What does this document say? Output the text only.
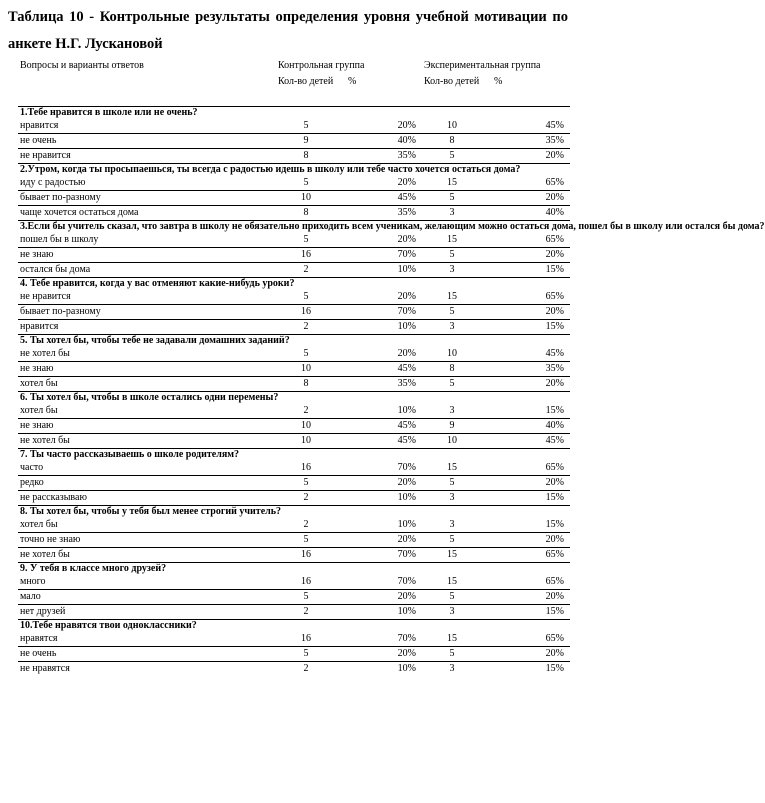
Таблица 10 - Контрольные результаты определения уровня учебной мотивации по анкете Н.Г. Лускановой
Вопросы и варианты ответов	Контрольная группа		Экспериментальная группа	
	Кол-во детей	%	Кол-во детей	%
1.Тебе нравится в школе или не очень?				
нравится	5	20%	10	45%
не очень	9	40%	8	35%
не нравится	8	35%	5	20%
2.Утром, когда ты просыпаешься, ты всегда с радостью идешь в школу или тебе часто хочется остаться дома?				
иду с радостью	5	20%	15	65%
бывает по-разному	10	45%	5	20%
чаще хочется остаться дома	8	35%	3	40%
3.Если бы учитель сказал, что завтра в школу не обязательно приходить всем ученикам, желающим можно остаться дома, пошел бы в школу или остался бы дома?				
пошел бы в школу	5	20%	15	65%
не знаю	16	70%	5	20%
остался бы дома	2	10%	3	15%
4. Тебе нравится, когда у вас отменяют какие-нибудь уроки?				
не нравится	5	20%	15	65%
бывает по-разному	16	70%	5	20%
нравится	2	10%	3	15%
5. Ты хотел бы, чтобы тебе не задавали домашних заданий?				
не хотел бы	5	20%	10	45%
не знаю	10	45%	8	35%
хотел бы	8	35%	5	20%
6. Ты хотел бы, чтобы в школе остались одни перемены?				
хотел бы	2	10%	3	15%
не знаю	10	45%	9	40%
не хотел бы	10	45%	10	45%
7. Ты часто рассказываешь о школе родителям?				
часто	16	70%	15	65%
редко	5	20%	5	20%
не рассказываю	2	10%	3	15%
8. Ты хотел бы, чтобы у тебя был менее строгий учитель?				
хотел бы	2	10%	3	15%
точно не знаю	5	20%	5	20%
не хотел бы	16	70%	15	65%
9. У тебя в классе много друзей?				
много	16	70%	15	65%
мало	5	20%	5	20%
нет друзей	2	10%	3	15%
10.Тебе нравятся твои одноклассники?				
нравятся	16	70%	15	65%
не очень	5	20%	5	20%
не нравятся	2	10%	3	15%
